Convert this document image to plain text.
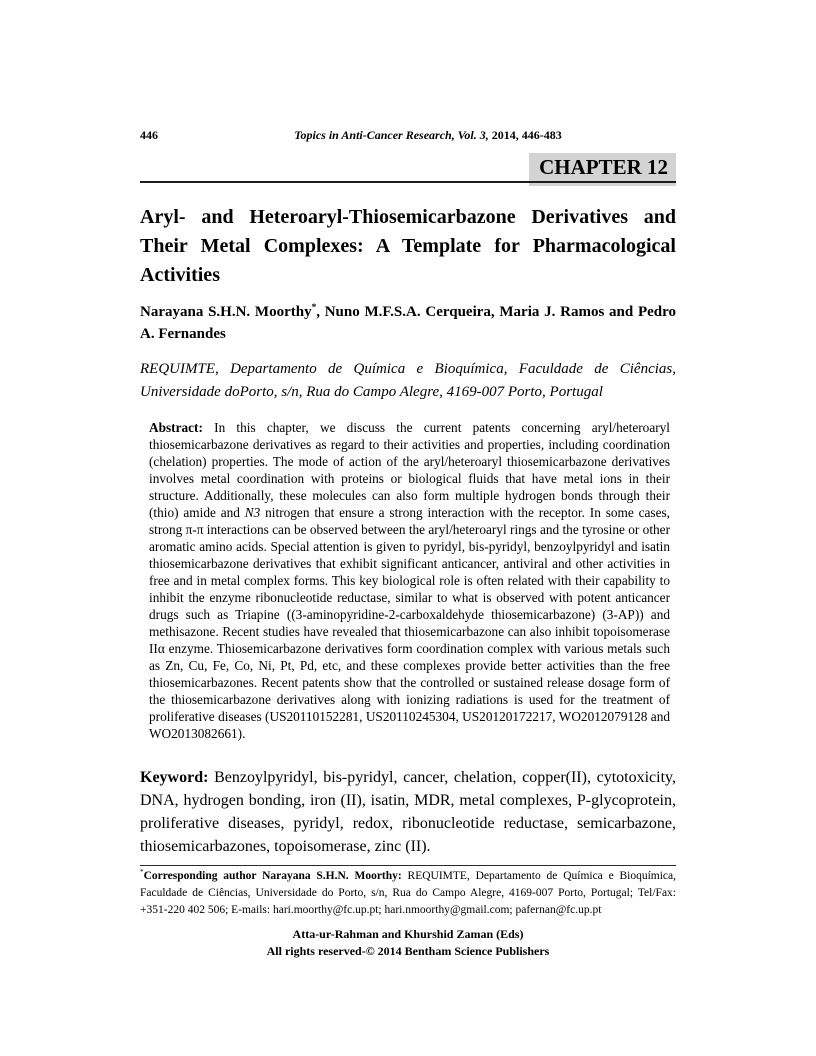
446	Topics in Anti-Cancer Research, Vol. 3, 2014, 446-483
CHAPTER 12
Aryl- and Heteroaryl-Thiosemicarbazone Derivatives and Their Metal Complexes: A Template for Pharmacological Activities

Narayana S.H.N. Moorthy*, Nuno M.F.S.A. Cerqueira, Maria J. Ramos and Pedro A. Fernandes

REQUIMTE, Departamento de Química e Bioquímica, Faculdade de Ciências, Universidade doPorto, s/n, Rua do Campo Alegre, 4169-007 Porto, Portugal

Abstract: In this chapter, we discuss the current patents concerning aryl/heteroaryl thiosemicarbazone derivatives as regard to their activities and properties, including coordination (chelation) properties. The mode of action of the aryl/heteroaryl thiosemicarbazone derivatives involves metal coordination with proteins or biological fluids that have metal ions in their structure. Additionally, these molecules can also form multiple hydrogen bonds through their (thio) amide and N3 nitrogen that ensure a strong interaction with the receptor. In some cases, strong π-π interactions can be observed between the aryl/heteroaryl rings and the tyrosine or other aromatic amino acids. Special attention is given to pyridyl, bis-pyridyl, benzoylpyridyl and isatin thiosemicarbazone derivatives that exhibit significant anticancer, antiviral and other activities in free and in metal complex forms. This key biological role is often related with their capability to inhibit the enzyme ribonucleotide reductase, similar to what is observed with potent anticancer drugs such as Triapine ((3-aminopyridine-2-carboxaldehyde thiosemicarbazone) (3-AP)) and methisazone. Recent studies have revealed that thiosemicarbazone can also inhibit topoisomerase IIα enzyme. Thiosemicarbazone derivatives form coordination complex with various metals such as Zn, Cu, Fe, Co, Ni, Pt, Pd, etc, and these complexes provide better activities than the free thiosemicarbazones. Recent patents show that the controlled or sustained release dosage form of the thiosemicarbazone derivatives along with ionizing radiations is used for the treatment of proliferative diseases (US20110152281, US20110245304, US20120172217, WO2012079128 and WO2013082661).

Keyword: Benzoylpyridyl, bis-pyridyl, cancer, chelation, copper(II), cytotoxicity, DNA, hydrogen bonding, iron (II), isatin, MDR, metal complexes, P-glycoprotein, proliferative diseases, pyridyl, redox, ribonucleotide reductase, semicarbazone, thiosemicarbazones, topoisomerase, zinc (II).

*Corresponding author Narayana S.H.N. Moorthy: REQUIMTE, Departamento de Química e Bioquímica, Faculdade de Ciências, Universidade do Porto, s/n, Rua do Campo Alegre, 4169-007 Porto, Portugal; Tel/Fax: +351-220 402 506; E-mails: hari.moorthy@fc.up.pt; hari.nmoorthy@gmail.com; pafernan@fc.up.pt

Atta-ur-Rahman and Khurshid Zaman (Eds)
All rights reserved-© 2014 Bentham Science Publishers
